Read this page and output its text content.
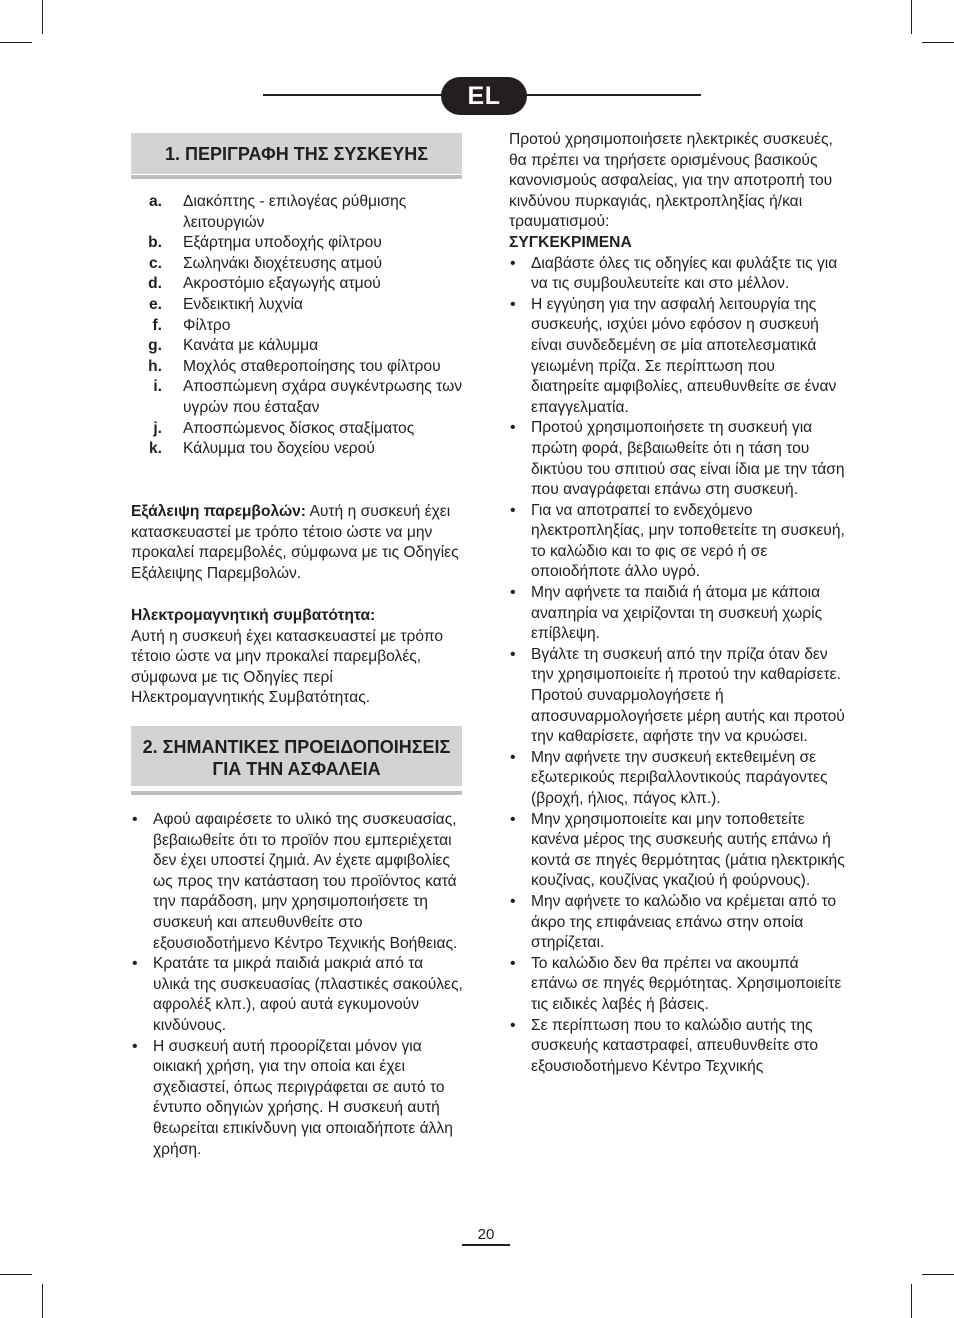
EL
1. ΠΕΡΙΓΡΑΦΗ ΤΗΣ ΣΥΣΚΕΥΗΣ
a. Διακόπτης - επιλογέας ρύθμισης λειτουργιών
b. Εξάρτημα υποδοχής φίλτρου
c. Σωληνάκι διοχέτευσης ατμού
d. Ακροστόμιο εξαγωγής ατμού
e. Ενδεικτική λυχνία
f. Φίλτρο
g. Κανάτα με κάλυμμα
h. Μοχλός σταθεροποίησης του φίλτρου
i. Αποσπώμενη σχάρα συγκέντρωσης των υγρών που έσταξαν
j. Αποσπώμενος δίσκος σταξίματος
k. Κάλυμμα του δοχείου νερού

Εξάλειψη παρεμβολών: Αυτή η συσκευή έχει κατασκευαστεί με τρόπο τέτοιο ώστε να μην προκαλεί παρεμβολές, σύμφωνα με τις Οδηγίες Εξάλειψης Παρεμβολών.

Ηλεκτρομαγνητική συμβατότητα:
Αυτή η συσκευή έχει κατασκευαστεί με τρόπο τέτοιο ώστε να μην προκαλεί παρεμβολές, σύμφωνα με τις Οδηγίες περί Ηλεκτρομαγνητικής Συμβατότητας.

2. ΣΗΜΑΝΤΙΚΕΣ ΠΡΟΕΙΔΟΠΟΙΗΣΕΙΣ
ΓΙΑ ΤΗΝ ΑΣΦΑΛΕΙΑ
• Αφού αφαιρέσετε το υλικό της συσκευασίας, βεβαιωθείτε ότι το προϊόν που εμπεριέχεται δεν έχει υποστεί ζημιά. Αν έχετε αμφιβολίες ως προς την κατάσταση του προϊόντος κατά την παράδοση, μην χρησιμοποιήσετε τη συσκευή και απευθυνθείτε στο εξουσιοδοτήμενο Κέντρο Τεχνικής Βοήθειας.
• Κρατάτε τα μικρά παιδιά μακριά από τα υλικά της συσκευασίας (πλαστικές σακούλες, αφρολέξ κλπ.), αφού αυτά εγκυμονούν κινδύνους.
• Η συσκευή αυτή προορίζεται μόνον για οικιακή χρήση, για την οποία και έχει σχεδιαστεί, όπως περιγράφεται σε αυτό το έντυπο οδηγιών χρήσης. Η συσκευή αυτή θεωρείται επικίνδυνη για οποιαδήποτε άλλη χρήση.

Προτού χρησιμοποιήσετε ηλεκτρικές συσκευές, θα πρέπει να τηρήσετε ορισμένους βασικούς κανονισμούς ασφαλείας, για την αποτροπή του κινδύνου πυρκαγιάς, ηλεκτροπληξίας ή/και τραυματισμού:

ΣΥΓΚΕΚΡΙΜΕΝΑ
• Διαβάστε όλες τις οδηγίες και φυλάξτε τις για να τις συμβουλευτείτε και στο μέλλον.
• Η εγγύηση για την ασφαλή λειτουργία της συσκευής, ισχύει μόνο εφόσον η συσκευή είναι συνδεδεμένη σε μία αποτελεσματικά γειωμένη πρίζα. Σε περίπτωση που διατηρείτε αμφιβολίες, απευθυνθείτε σε έναν επαγγελματία.
• Προτού χρησιμοποιήσετε τη συσκευή για πρώτη φορά, βεβαιωθείτε ότι η τάση του δικτύου του σπιτιού σας είναι ίδια με την τάση που αναγράφεται επάνω στη συσκευή.
• Για να αποτραπεί το ενδεχόμενο ηλεκτροπληξίας, μην τοποθετείτε τη συσκευή, το καλώδιο και το φις σε νερό ή σε οποιοδήποτε άλλο υγρό.
• Μην αφήνετε τα παιδιά ή άτομα με κάποια αναπηρία να χειρίζονται τη συσκευή χωρίς επίβλεψη.
• Βγάλτε τη συσκευή από την πρίζα όταν δεν την χρησιμοποιείτε ή προτού την καθαρίσετε. Προτού συναρμολογήσετε ή αποσυναρμολογήσετε μέρη αυτής και προτού την καθαρίσετε, αφήστε την να κρυώσει.
• Μην αφήνετε την συσκευή εκτεθειμένη σε εξωτερικούς περιβαλλοντικούς παράγοντες (βροχή, ήλιος, πάγος κλπ.).
• Μην χρησιμοποιείτε και μην τοποθετείτε κανένα μέρος της συσκευής αυτής επάνω ή κοντά σε πηγές θερμότητας (μάτια ηλεκτρικής κουζίνας, κουζίνας γκαζιού ή φούρνους).
• Μην αφήνετε το καλώδιο να κρέμεται από το άκρο της επιφάνειας επάνω στην οποία στηρίζεται.
• Το καλώδιο δεν θα πρέπει να ακουμπά επάνω σε πηγές θερμότητας. Χρησιμοποιείτε τις ειδικές λαβές ή βάσεις.
• Σε περίπτωση που το καλώδιο αυτής της συσκευής καταστραφεί, απευθυνθείτε στο εξουσιοδοτήμενο Κέντρο Τεχνικής
20
